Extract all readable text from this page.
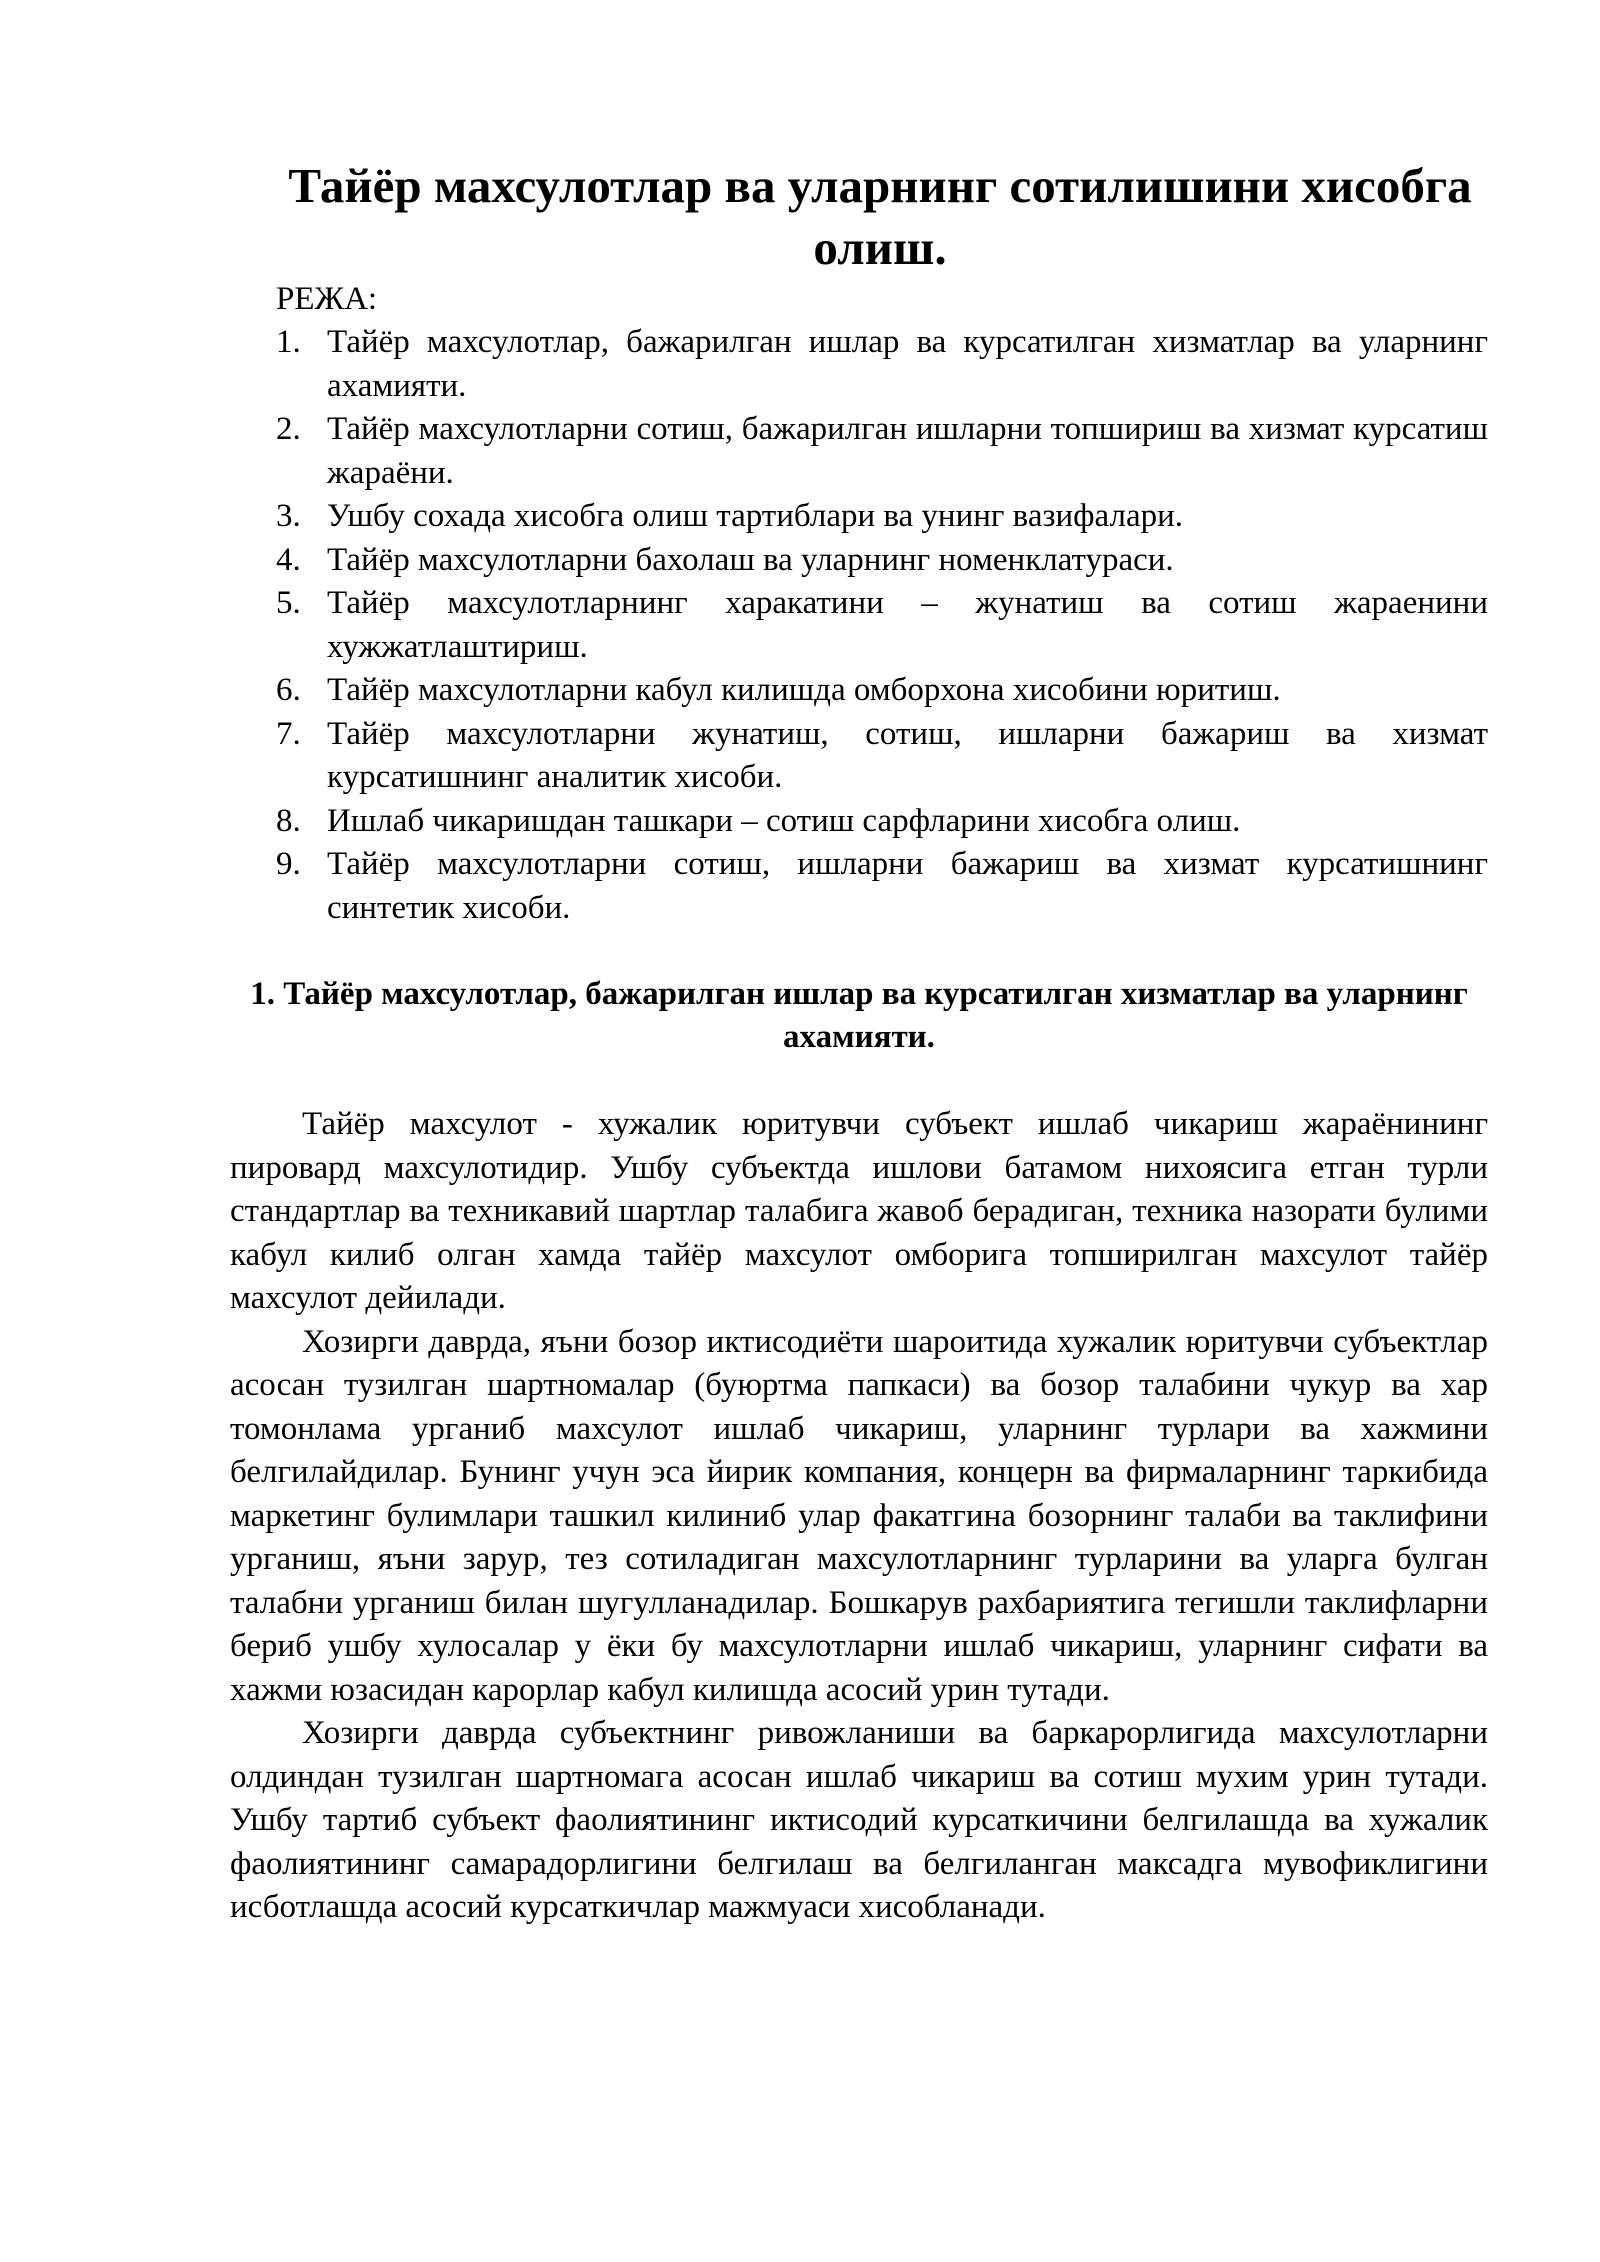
Тайёр махсулотлар ва уларнинг сотилишини хисобга олиш.
РЕЖА:
1. Тайёр махсулотлар, бажарилган ишлар ва курсатилган хизматлар ва уларнинг ахамияти.
2. Тайёр махсулотларни сотиш, бажарилган ишларни топшириш ва хизмат курсатиш жараёни.
3. Ушбу сохада хисобга олиш тартиблари ва унинг вазифалари.
4. Тайёр махсулотларни бахолаш ва уларнинг номенклатураси.
5. Тайёр махсулотларнинг харакатини – жунатиш ва сотиш жараенини хужжатлаштириш.
6. Тайёр махсулотларни кабул килишда омборхона хисобини юритиш.
7. Тайёр махсулотларни жунатиш, сотиш, ишларни бажариш ва хизмат курсатишнинг аналитик хисоби.
8. Ишлаб чикаришдан ташкари – сотиш сарфларини хисобга олиш.
9. Тайёр махсулотларни сотиш, ишларни бажариш ва хизмат курсатишнинг синтетик хисоби.
1. Тайёр махсулотлар, бажарилган ишлар ва курсатилган хизматлар ва уларнинг ахамияти.

Тайёр махсулот - хужалик юритувчи субъект ишлаб чикариш жараёнининг пировард махсулотидир. Ушбу субъектда ишлови батамом нихоясига етган турли стандартлар ва техникавий шартлар талабига жавоб берадиган, техника назорати булими кабул килиб олган хамда тайёр махсулот омборига топширилган махсулот тайёр махсулот дейилади.

Хозирги даврда, яъни бозор иктисодиёти шароитида хужалик юритувчи субъектлар асосан тузилган шартномалар (буюртма папкаси) ва бозор талабини чукур ва хар томонлама урганиб махсулот ишлаб чикариш, уларнинг турлари ва хажмини белгилайдилар. Бунинг учун эса йирик компания, концерн ва фирмаларнинг таркибида маркетинг булимлари ташкил килиниб улар факатгина бозорнинг талаби ва таклифини урганиш, яъни зарур, тез сотиладиган махсулотларнинг турларини ва уларга булган талабни урганиш билан шугулланадилар. Бошкарув рахбариятига тегишли таклифларни бериб ушбу хулосалар у ёки бу махсулотларни ишлаб чикариш, уларнинг сифати ва хажми юзасидан карорлар кабул килишда асосий урин тутади.

Хозирги даврда субъектнинг ривожланиши ва баркарорлигида махсулотларни олдиндан тузилган шартномага асосан ишлаб чикариш ва сотиш мухим урин тутади. Ушбу тартиб субъект фаолиятининг иктисодий курсаткичини белгилашда ва хужалик фаолиятининг самарадорлигини белгилаш ва белгиланган максадга мувофиклигини исботлашда асосий курсаткичлар мажмуаси хисобланади.
